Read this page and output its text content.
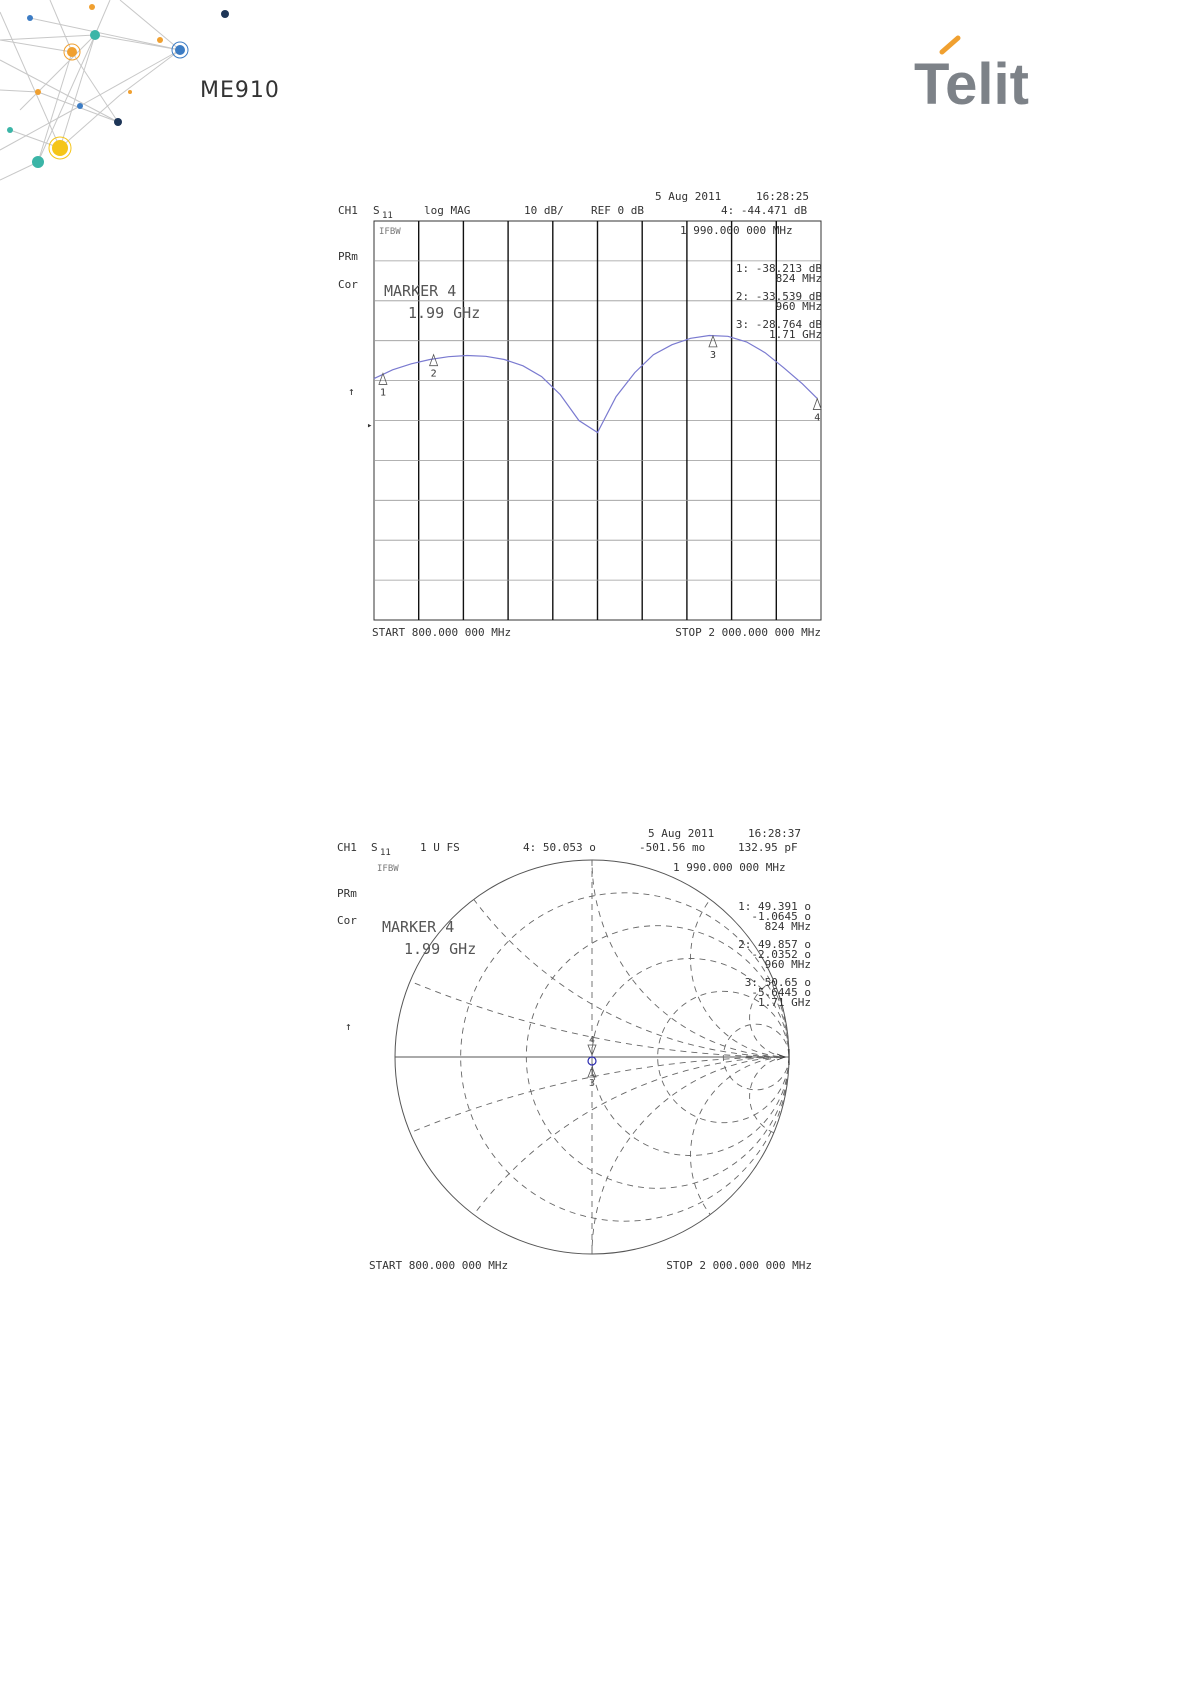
ME910	Telit
5 Aug 2011	16:28:25
CH1 S 11	log MAG	10 dB/ REF 0 dB	4: -44.471 dB
1 990.000 000 MHz
IFBW
PRm
Cor
↑
▸
MARKER 4
1.99 GHz
1: -38.213 dB
824 MHz
2: -33.539 dB
960 MHz
3: -28.764 dB
1.71 GHz
1
2
3
4
START 800.000 000 MHz	STOP 2 000.000 000 MHz
5 Aug 2011	16:28:37
CH1 S 11	1 U FS	4: 50.053 o	-501.56 mo	132.95 pF
1 990.000 000 MHz
IFBW
PRm
Cor
↑
MARKER 4
1.99 GHz
1: 49.391 o
-1.0645 o
824 MHz
2: 49.857 o
-2.0352 o
960 MHz
3: 50.65 o
-5.6445 o
1.71 GHz
4
1
3
START 800.000 000 MHz	STOP 2 000.000 000 MHz
